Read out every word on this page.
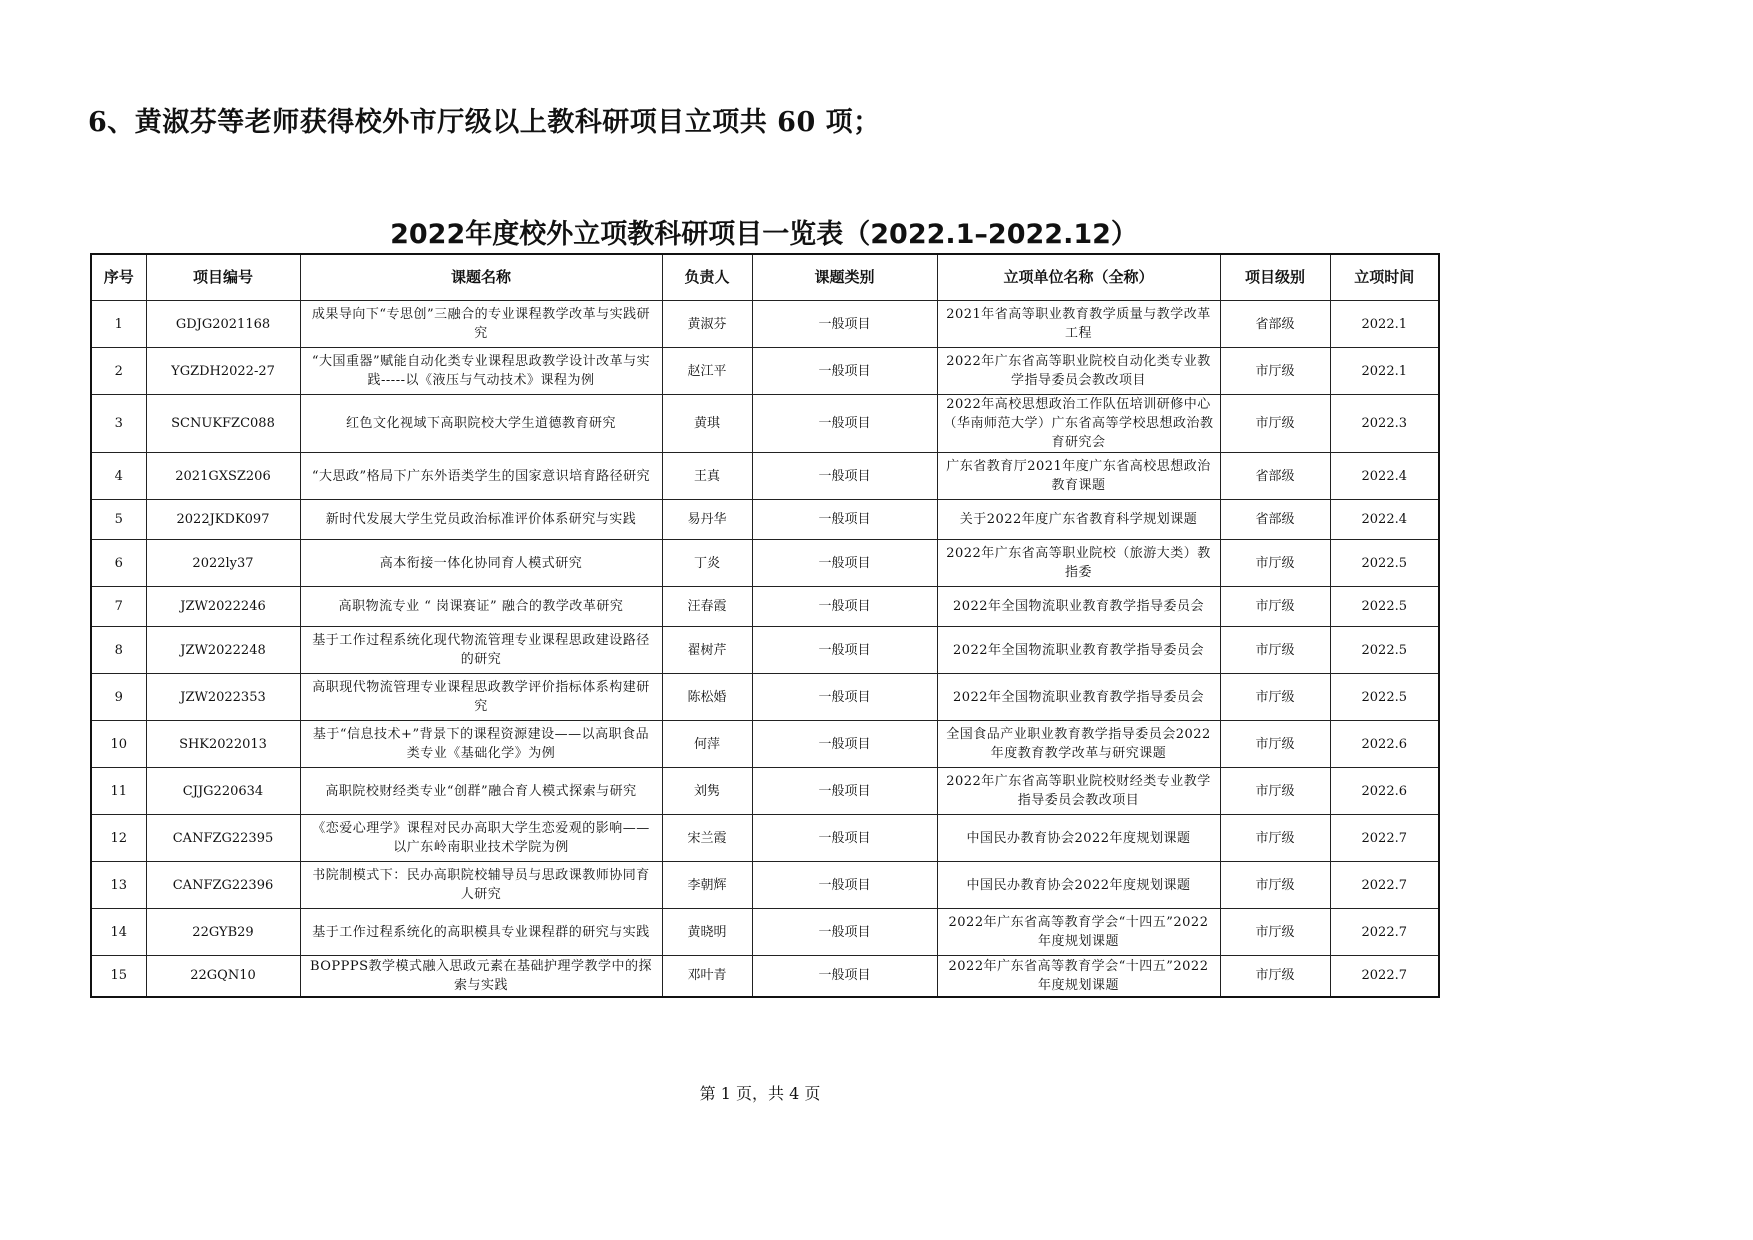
6、黄淑芬等老师获得校外市厅级以上教科研项目立项共 60 项；
2022年度校外立项教科研项目一览表（2022.1–2022.12）
序号	项目编号	课题名称	负责人	课题类别	立项单位名称（全称）	项目级别	立项时间
1	GDJG2021168	成果导向下“专思创”三融合的专业课程教学改革与实践研究	黄淑芬	一般项目	2021年省高等职业教育教学质量与教学改革工程	省部级	2022.1
2	YGZDH2022-27	“大国重器”赋能自动化类专业课程思政教学设计改革与实践-----以《液压与气动技术》课程为例	赵江平	一般项目	2022年广东省高等职业院校自动化类专业教学指导委员会教改项目	市厅级	2022.1
3	SCNUKFZC088	红色文化视域下高职院校大学生道德教育研究	黄琪	一般项目	2022年高校思想政治工作队伍培训研修中心（华南师范大学）广东省高等学校思想政治教育研究会	市厅级	2022.3
4	2021GXSZ206	“大思政”格局下广东外语类学生的国家意识培育路径研究	王真	一般项目	广东省教育厅2021年度广东省高校思想政治教育课题	省部级	2022.4
5	2022JKDK097	新时代发展大学生党员政治标准评价体系研究与实践	易丹华	一般项目	关于2022年度广东省教育科学规划课题	省部级	2022.4
6	2022ly37	高本衔接一体化协同育人模式研究	丁炎	一般项目	2022年广东省高等职业院校（旅游大类）教指委	市厅级	2022.5
7	JZW2022246	高职物流专业 “ 岗课赛证” 融合的教学改革研究	汪春霞	一般项目	2022年全国物流职业教育教学指导委员会	市厅级	2022.5
8	JZW2022248	基于工作过程系统化现代物流管理专业课程思政建设路径的研究	翟树芹	一般项目	2022年全国物流职业教育教学指导委员会	市厅级	2022.5
9	JZW2022353	高职现代物流管理专业课程思政教学评价指标体系构建研究	陈松婚	一般项目	2022年全国物流职业教育教学指导委员会	市厅级	2022.5
10	SHK2022013	基于“信息技术+”背景下的课程资源建设——以高职食品类专业《基础化学》为例	何萍	一般项目	全国食品产业职业教育教学指导委员会2022年度教育教学改革与研究课题	市厅级	2022.6
11	CJJG220634	高职院校财经类专业“创群”融合育人模式探索与研究	刘隽	一般项目	2022年广东省高等职业院校财经类专业教学指导委员会教改项目	市厅级	2022.6
12	CANFZG22395	《恋爱心理学》课程对民办高职大学生恋爱观的影响——以广东岭南职业技术学院为例	宋兰霞	一般项目	中国民办教育协会2022年度规划课题	市厅级	2022.7
13	CANFZG22396	书院制模式下：民办高职院校辅导员与思政课教师协同育人研究	李朝辉	一般项目	中国民办教育协会2022年度规划课题	市厅级	2022.7
14	22GYB29	基于工作过程系统化的高职模具专业课程群的研究与实践	黄晓明	一般项目	2022年广东省高等教育学会“十四五”2022年度规划课题	市厅级	2022.7
15	22GQN10	BOPPPS教学模式融入思政元素在基础护理学教学中的探索与实践	邓叶青	一般项目	2022年广东省高等教育学会“十四五”2022年度规划课题	市厅级	2022.7
第 1 页，共 4 页
